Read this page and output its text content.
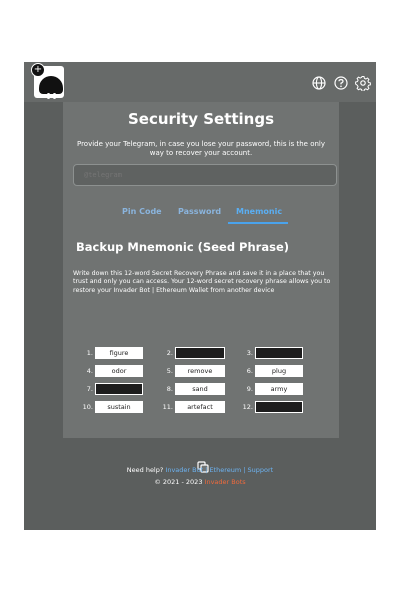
+
Security Settings
Provide your Telegram, in case you lose your password, this is the only way to recover your account.
@telegram
Pin Code Password Mnemonic
Backup Mnemonic (Seed Phrase)
Write down this 12-word Secret Recovery Phrase and save it in a place that you trust and only you can access. Your 12-word secret recovery phrase allows you to restore your Invader Bot | Ethereum Wallet from another device
1.	figure	2.	3.
4.	odor	5.	remove	6.	plug
7.	8.	sand	9.	army
10.	sustain	11.	artefact	12.
Need help? Invader Bot | Ethereum | Support
© 2021 - 2023 Invader Bots
